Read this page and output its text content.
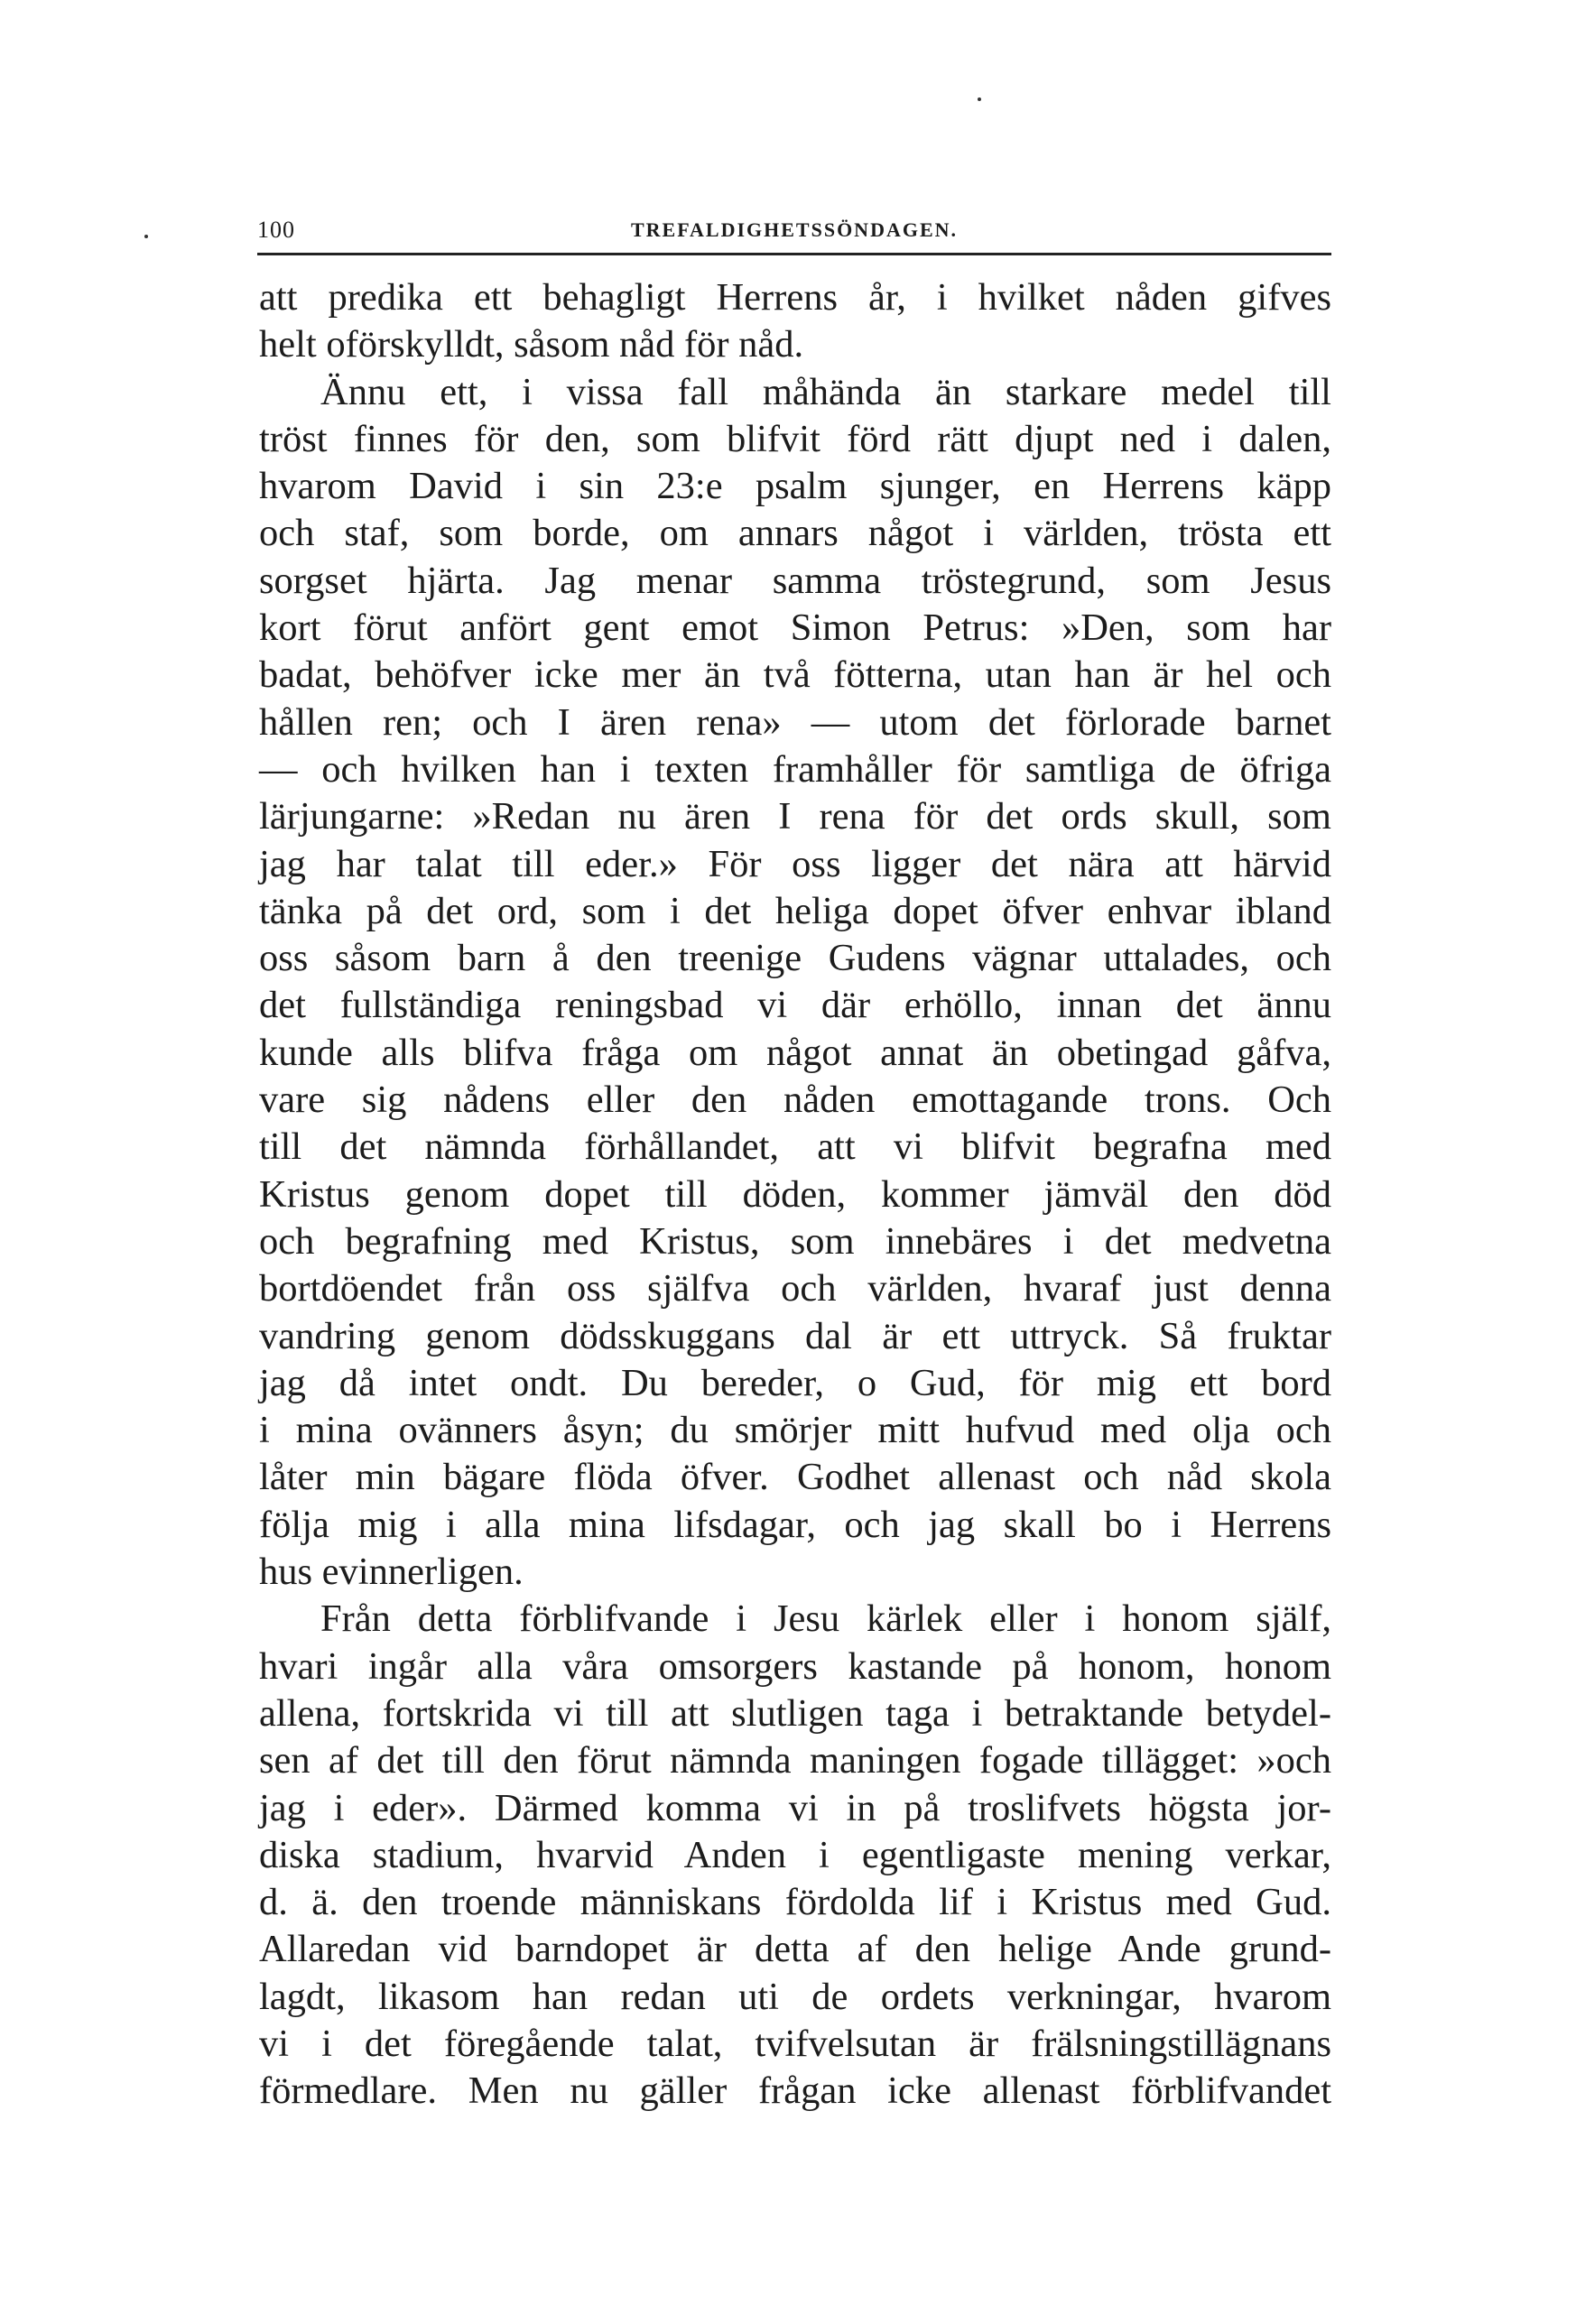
100	TREFALDIGHETSSÖNDAGEN.
att predika ett behagligt Herrens år, i hvilket nåden gifves
helt oförskylldt, såsom nåd för nåd.
Ännu ett, i vissa fall måhända än starkare medel till
tröst finnes för den, som blifvit förd rätt djupt ned i dalen,
hvarom David i sin 23:e psalm sjunger, en Herrens käpp
och staf, som borde, om annars något i världen, trösta ett
sorgset hjärta. Jag menar samma tröstegrund, som Jesus
kort förut anfört gent emot Simon Petrus: »Den, som har
badat, behöfver icke mer än två fötterna, utan han är hel och
hållen ren; och I ären rena» — utom det förlorade barnet
— och hvilken han i texten framhåller för samtliga de öfriga
lärjungarne: »Redan nu ären I rena för det ords skull, som
jag har talat till eder.» För oss ligger det nära att härvid
tänka på det ord, som i det heliga dopet öfver enhvar ibland
oss såsom barn å den treenige Gudens vägnar uttalades, och
det fullständiga reningsbad vi där erhöllo, innan det ännu
kunde alls blifva fråga om något annat än obetingad gåfva,
vare sig nådens eller den nåden emottagande trons. Och
till det nämnda förhållandet, att vi blifvit begrafna med
Kristus genom dopet till döden, kommer jämväl den död
och begrafning med Kristus, som innebäres i det medvetna
bortdöendet från oss själfva och världen, hvaraf just denna
vandring genom dödsskuggans dal är ett uttryck. Så fruktar
jag då intet ondt. Du bereder, o Gud, för mig ett bord
i mina ovänners åsyn; du smörjer mitt hufvud med olja och
låter min bägare flöda öfver. Godhet allenast och nåd skola
följa mig i alla mina lifsdagar, och jag skall bo i Herrens
hus evinnerligen.
Från detta förblifvande i Jesu kärlek eller i honom själf,
hvari ingår alla våra omsorgers kastande på honom, honom
allena, fortskrida vi till att slutligen taga i betraktande betydel-
sen af det till den förut nämnda maningen fogade tillägget: »och
jag i eder». Därmed komma vi in på troslifvets högsta jor-
diska stadium, hvarvid Anden i egentligaste mening verkar,
d. ä. den troende människans fördolda lif i Kristus med Gud.
Allaredan vid barndopet är detta af den helige Ande grund-
lagdt, likasom han redan uti de ordets verkningar, hvarom
vi i det föregående talat, tvifvelsutan är frälsningstillägnans
förmedlare. Men nu gäller frågan icke allenast förblifvandet
